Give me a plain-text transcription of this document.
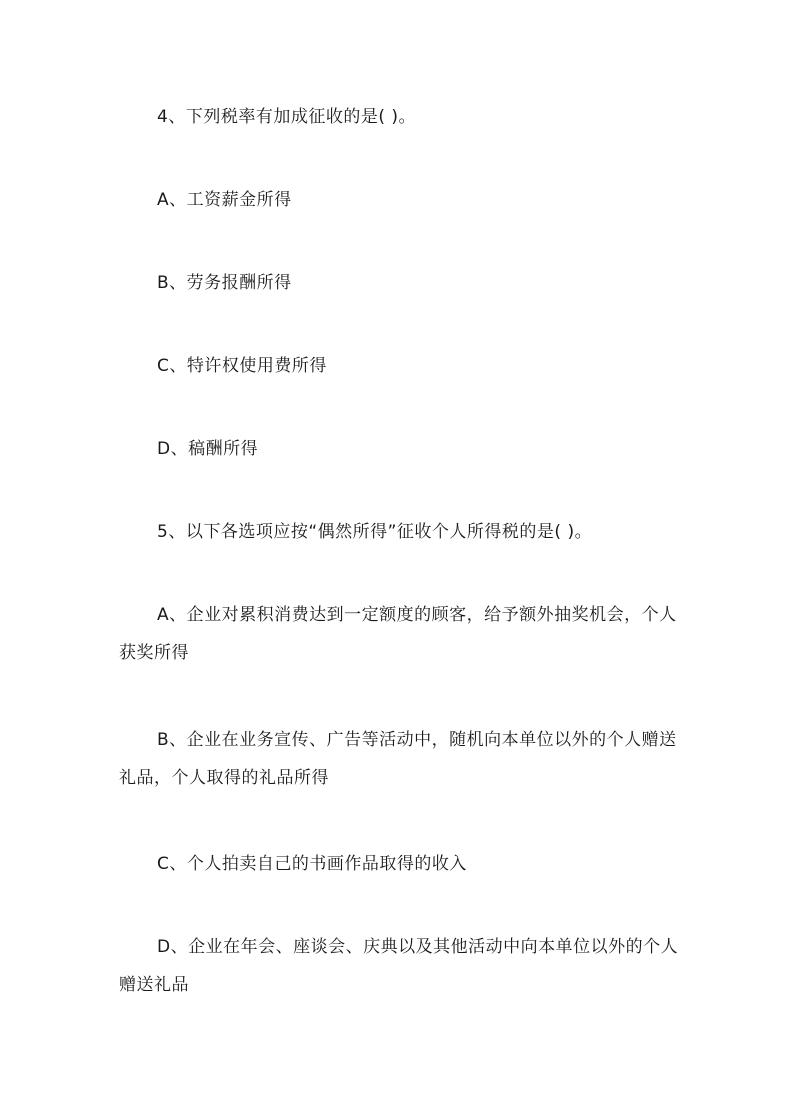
4、下列税率有加成征收的是( )。

A、工资薪金所得

B、劳务报酬所得

C、特许权使用费所得

D、稿酬所得

5、以下各选项应按“偶然所得”征收个人所得税的是( )。

A、企业对累积消费达到一定额度的顾客，给予额外抽奖机会，个人获奖所得

B、企业在业务宣传、广告等活动中，随机向本单位以外的个人赠送礼品，个人取得的礼品所得

C、个人拍卖自己的书画作品取得的收入

D、企业在年会、座谈会、庆典以及其他活动中向本单位以外的个人赠送礼品
